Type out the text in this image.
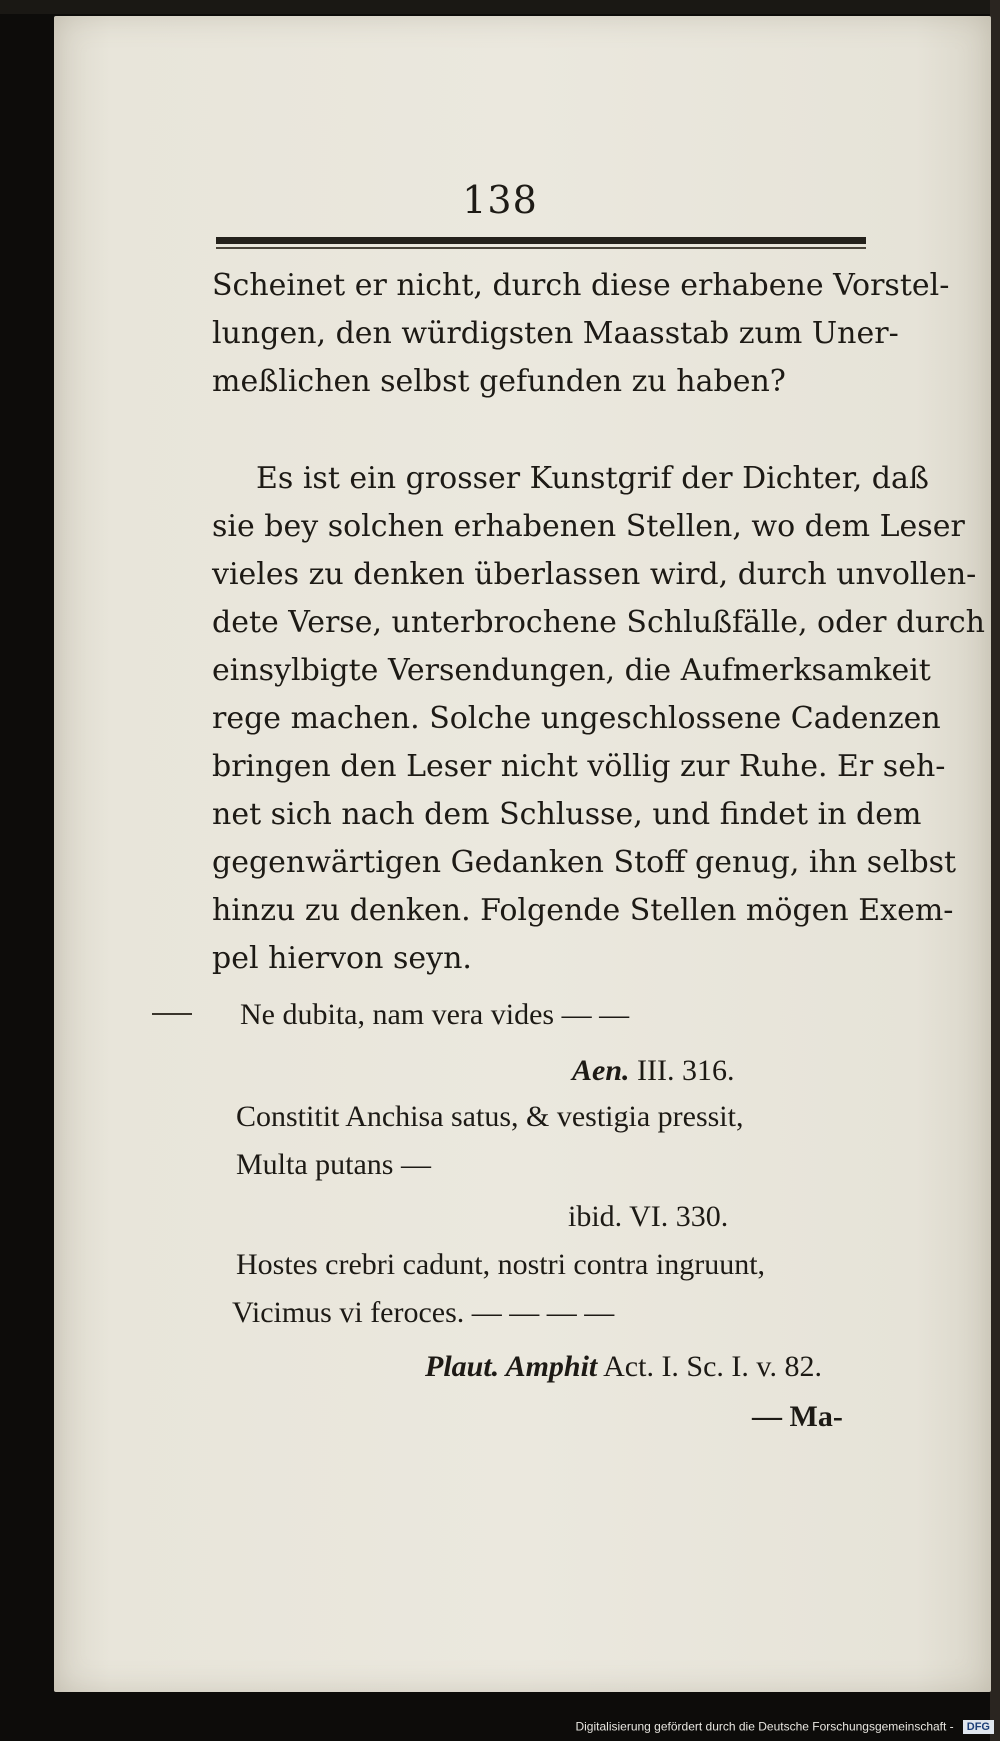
138
Scheinet er nicht, durch diese erhabene Vorstel-
lungen, den würdigsten Maasstab zum Uner-
meßlichen selbst gefunden zu haben?
Es ist ein grosser Kunstgrif der Dichter, daß
sie bey solchen erhabenen Stellen, wo dem Leser
vieles zu denken überlassen wird, durch unvollen-
dete Verse, unterbrochene Schlußfälle, oder durch
einsylbigte Versendungen, die Aufmerksamkeit
rege machen. Solche ungeschlossene Cadenzen
bringen den Leser nicht völlig zur Ruhe. Er seh-
net sich nach dem Schlusse, und findet in dem
gegenwärtigen Gedanken Stoff genug, ihn selbst
hinzu zu denken. Folgende Stellen mögen Exem-
pel hiervon seyn.
Ne dubita, nam vera vides — —
Aen. III. 316.
Constitit Anchisa satus, & vestigia pressit,
Multa putans —
ibid. VI. 330.
Hostes crebri cadunt, nostri contra ingruunt,
Vicimus vi feroces. — — — —
Plaut. Amphit Act. I. Sc. I. v. 82.
— Ma-
Digitalisierung gefördert durch die Deutsche Forschungsgemeinschaft - DFG
